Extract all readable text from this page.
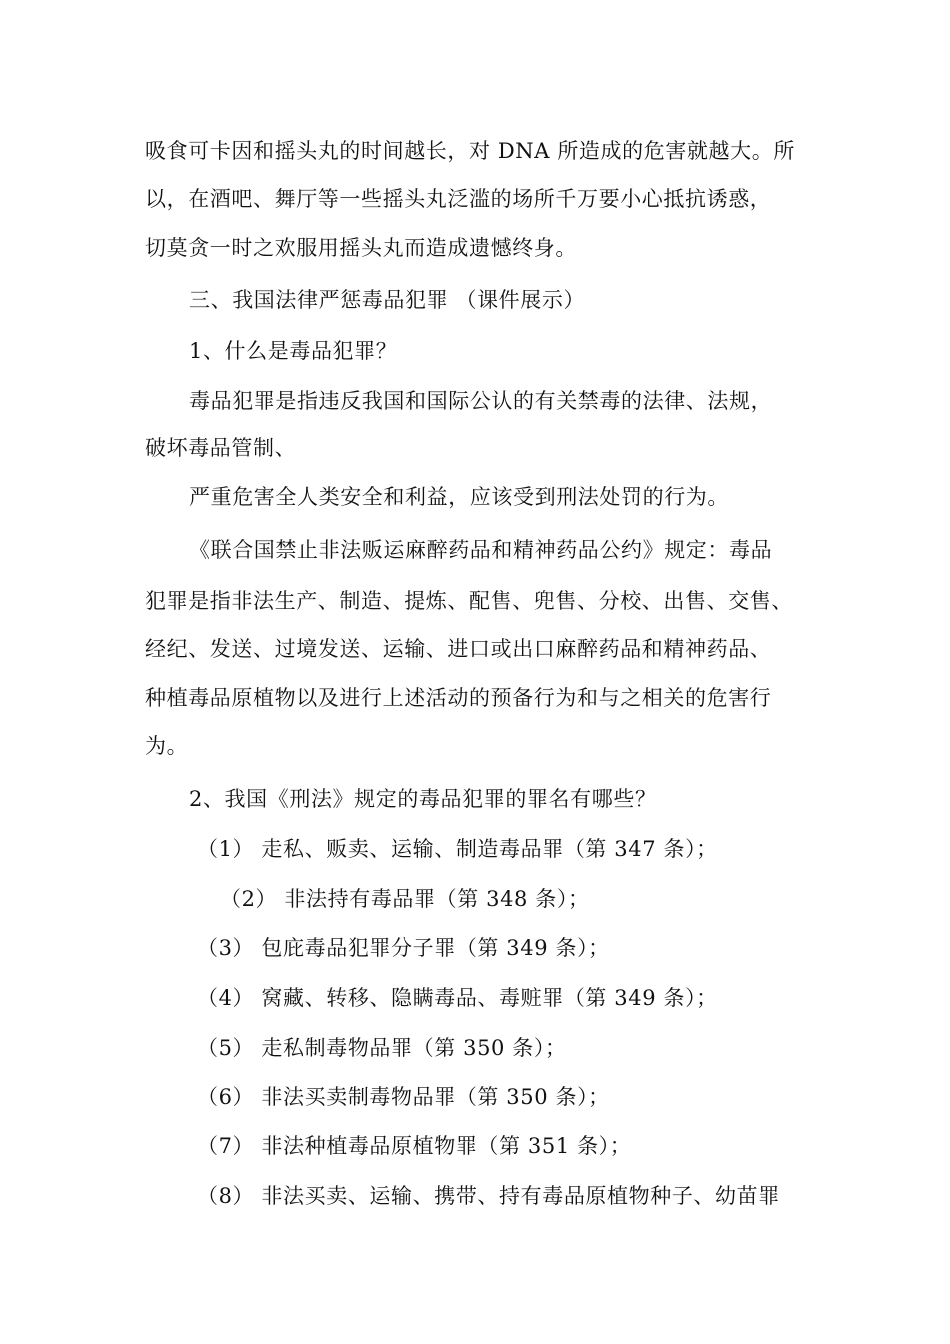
吸食可卡因和摇头丸的时间越长，对 DNA 所造成的危害就越大。所
以，在酒吧、舞厅等一些摇头丸泛滥的场所千万要小心抵抗诱惑，
切莫贪一时之欢服用摇头丸而造成遗憾终身。
三、我国法律严惩毒品犯罪 （课件展示）
1、什么是毒品犯罪？
毒品犯罪是指违反我国和国际公认的有关禁毒的法律、法规，
破坏毒品管制、
严重危害全人类安全和利益，应该受到刑法处罚的行为。
《联合国禁止非法贩运麻醉药品和精神药品公约》规定：毒品
犯罪是指非法生产、制造、提炼、配售、兜售、分校、出售、交售、
经纪、发送、过境发送、运输、进口或出口麻醉药品和精神药品、
种植毒品原植物以及进行上述活动的预备行为和与之相关的危害行
为。
2、我国《刑法》规定的毒品犯罪的罪名有哪些？
（1） 走私、贩卖、运输、制造毒品罪（第 347 条）；
（2） 非法持有毒品罪（第 348 条）；
（3） 包庇毒品犯罪分子罪（第 349 条）；
（4） 窝藏、转移、隐瞒毒品、毒赃罪（第 349 条）；
（5） 走私制毒物品罪（第 350 条）；
（6） 非法买卖制毒物品罪（第 350 条）；
（7） 非法种植毒品原植物罪（第 351 条）；
（8） 非法买卖、运输、携带、持有毒品原植物种子、幼苗罪
